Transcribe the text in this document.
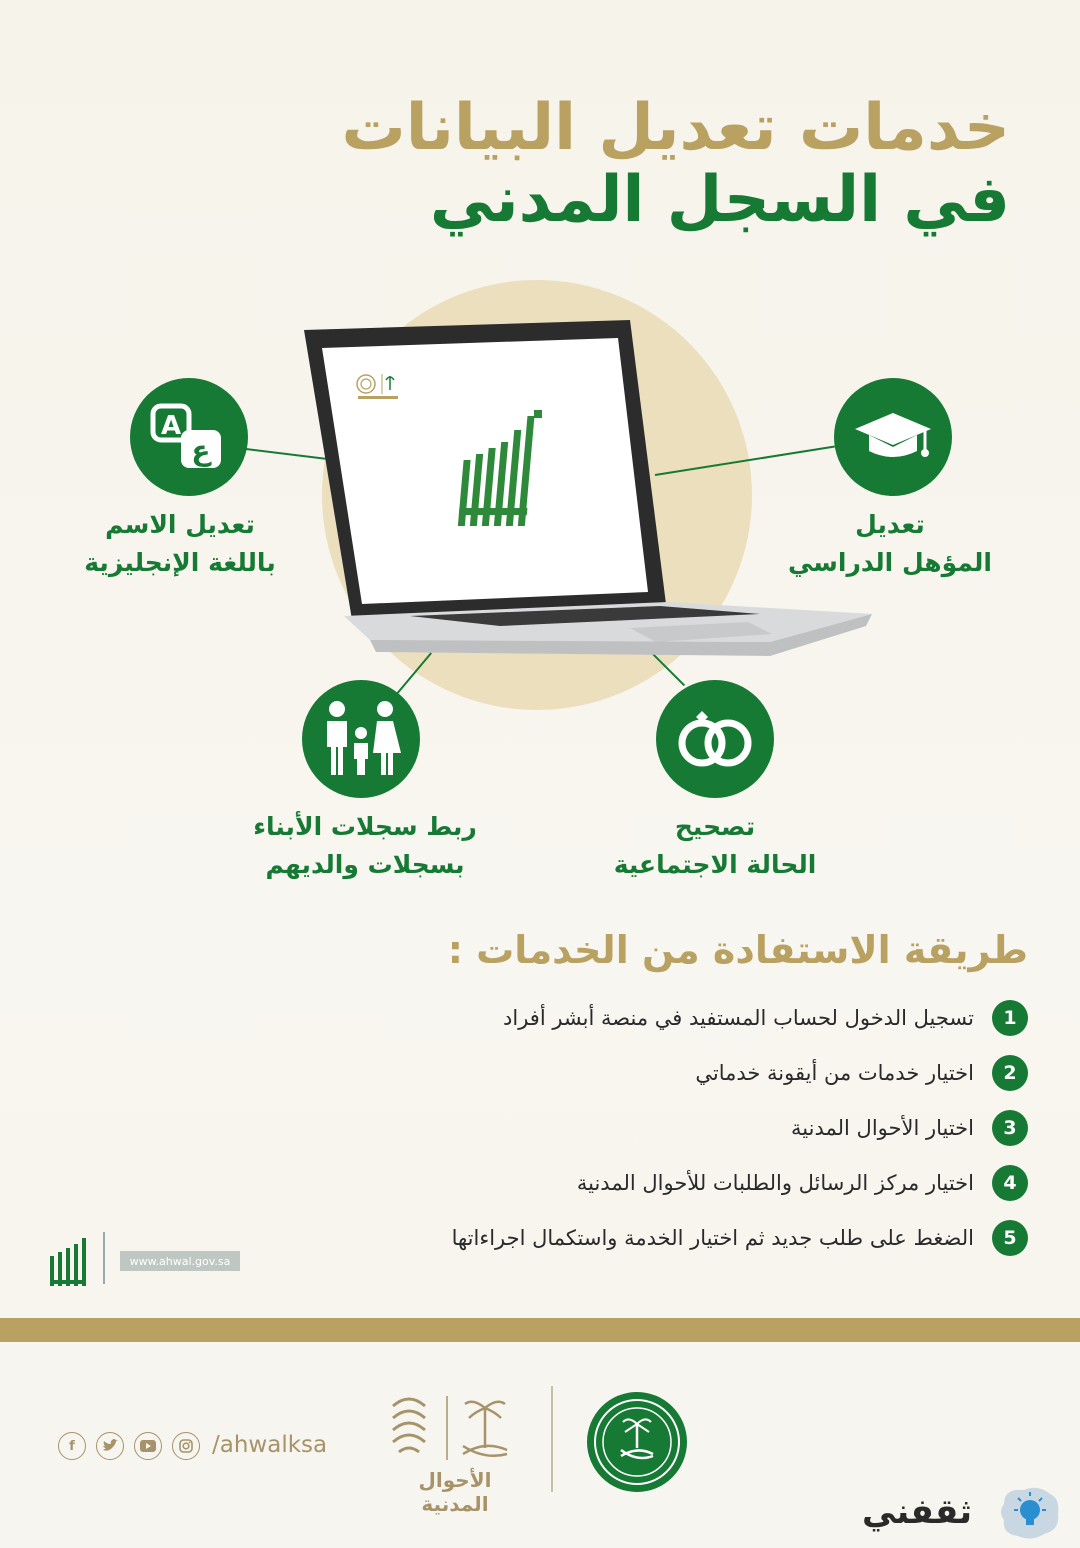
خدمات تعديل البيانات
في السجل المدني
A
ع
تعديل الاسم
باللغة الإنجليزية
تعديل
المؤهل الدراسي
ربط سجلات الأبناء
بسجلات والديهم
تصحيح
الحالة الاجتماعية
طريقة الاستفادة من الخدمات :
1
تسجيل الدخول لحساب المستفيد في منصة أبشر أفراد
2
اختيار خدمات من أيقونة خدماتي
3
اختيار الأحوال المدنية
4
اختيار مركز الرسائل والطلبات للأحوال المدنية
5
الضغط على طلب جديد ثم اختيار الخدمة واستكمال اجراءاتها
www.ahwal.gov.sa
f	/ahwalksa
الأحوال المدنية	ثقفني
